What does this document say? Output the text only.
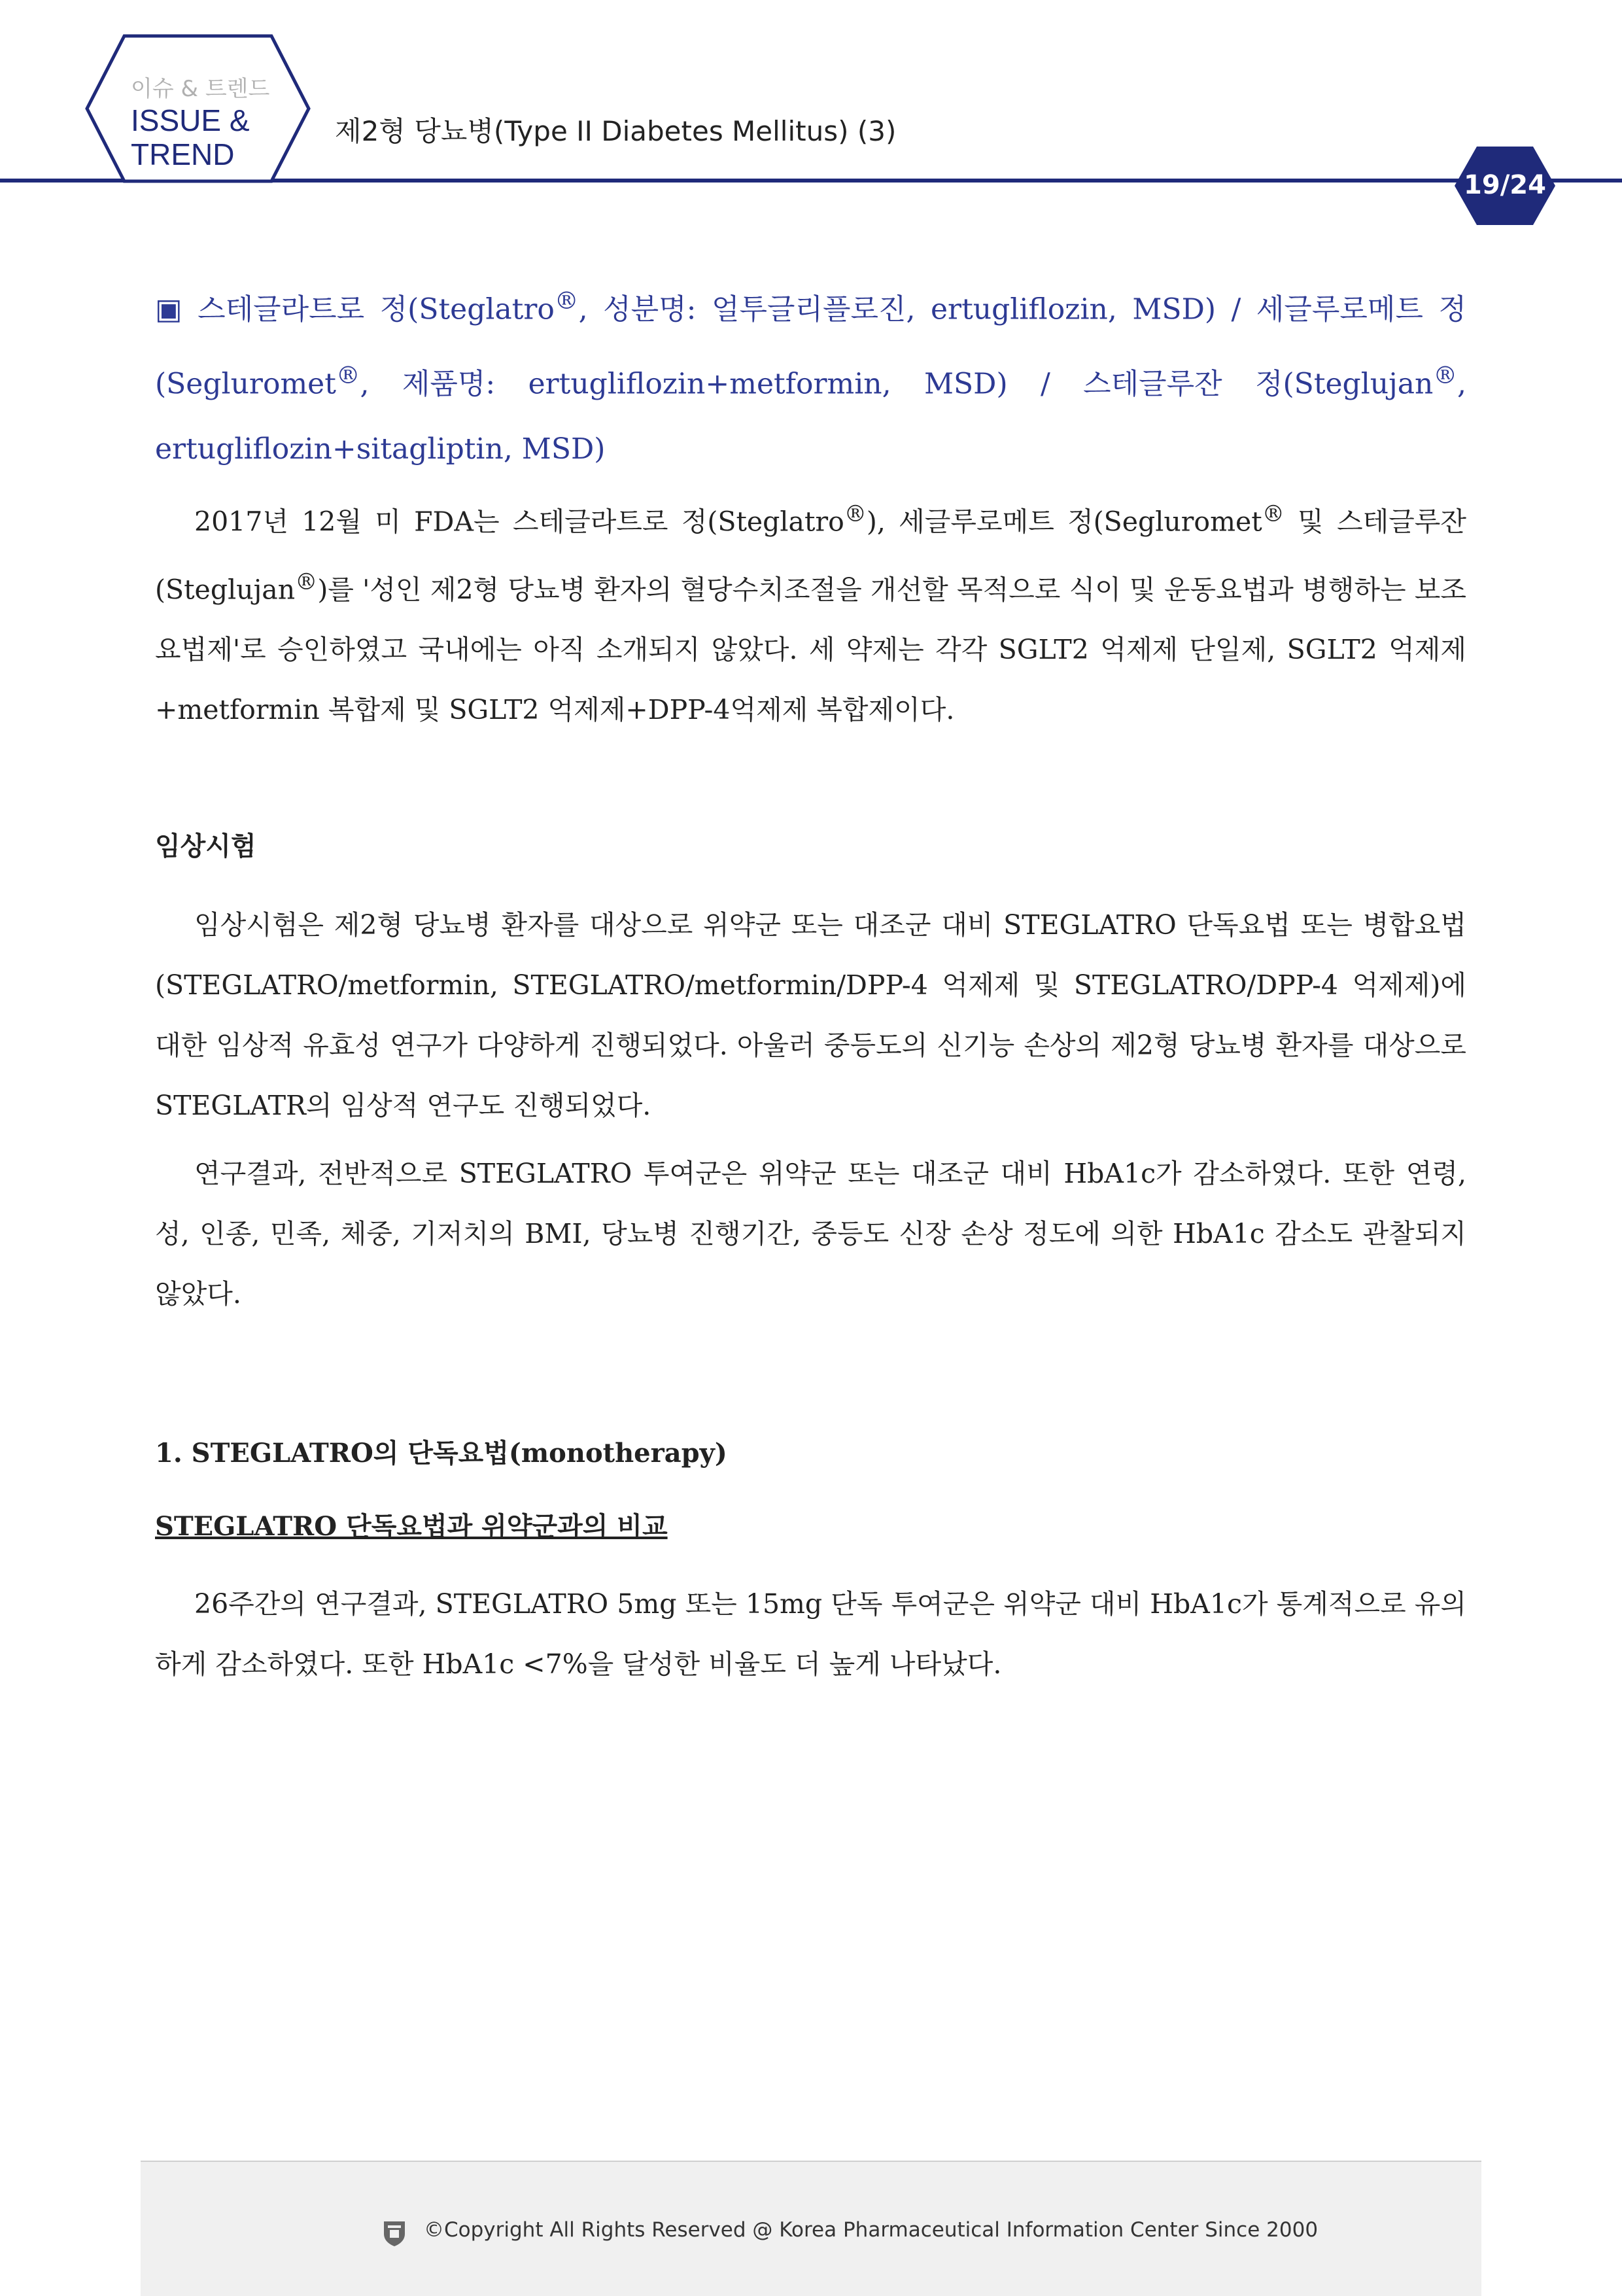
이슈 & 트렌드
ISSUE &
TREND
제2형 당뇨병(Type II Diabetes Mellitus) (3)
19/24
▣ 스테글라트로 정(Steglatro®, 성분명: 얼투글리플로진, ertugliflozin, MSD) / 세글루로메트 정(Segluromet®, 제품명: ertugliflozin+metformin, MSD) / 스테글루잔 정(Steglujan®, ertugliflozin+sitagliptin, MSD)

2017년 12월 미 FDA는 스테글라트로 정(Steglatro®), 세글루로메트 정(Segluromet® 및 스테글루잔 (Steglujan®)를 '성인 제2형 당뇨병 환자의 혈당수치조절을 개선할 목적으로 식이 및 운동요법과 병행하는 보조요법제'로 승인하였고 국내에는 아직 소개되지 않았다. 세 약제는 각각 SGLT2 억제제 단일제, SGLT2 억제제+metformin 복합제 및 SGLT2 억제제+DPP-4억제제 복합제이다.

임상시험

임상시험은 제2형 당뇨병 환자를 대상으로 위약군 또는 대조군 대비 STEGLATRO 단독요법 또는 병합요법(STEGLATRO/metformin, STEGLATRO/metformin/DPP-4 억제제 및 STEGLATRO/DPP-4 억제제)에 대한 임상적 유효성 연구가 다양하게 진행되었다. 아울러 중등도의 신기능 손상의 제2형 당뇨병 환자를 대상으로 STEGLATR의 임상적 연구도 진행되었다.

연구결과, 전반적으로 STEGLATRO 투여군은 위약군 또는 대조군 대비 HbA1c가 감소하였다. 또한 연령, 성, 인종, 민족, 체중, 기저치의 BMI, 당뇨병 진행기간, 중등도 신장 손상 정도에 의한 HbA1c 감소도 관찰되지 않았다.

1. STEGLATRO의 단독요법(monotherapy)
STEGLATRO 단독요법과 위약군과의 비교

26주간의 연구결과, STEGLATRO 5mg 또는 15mg 단독 투여군은 위약군 대비 HbA1c가 통계적으로 유의하게 감소하였다. 또한 HbA1c <7%을 달성한 비율도 더 높게 나타났다.

©Copyright All Rights Reserved @ Korea Pharmaceutical Information Center Since 2000
